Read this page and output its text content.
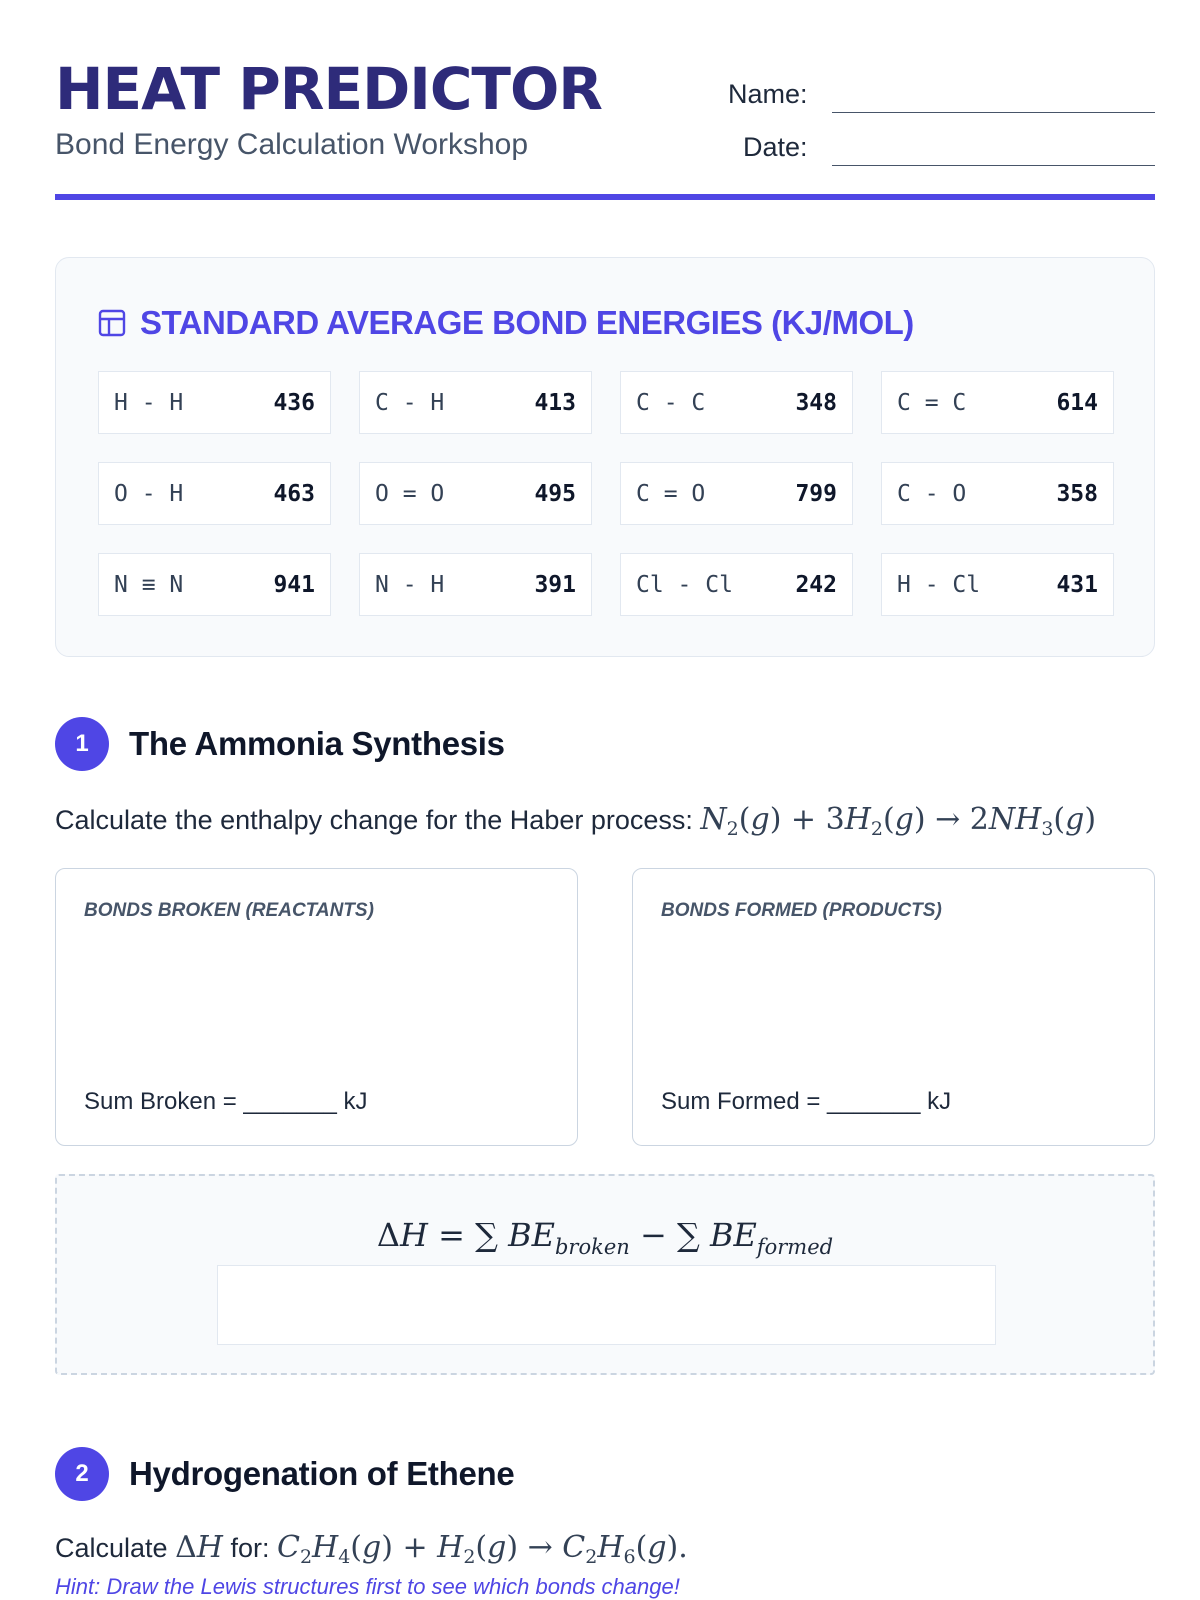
HEAT PREDICTOR
Bond Energy Calculation Workshop
Name:
Date:
STANDARD AVERAGE BOND ENERGIES (KJ/MOL)
H - H	436	C - H	413	C - C	348	C = C	614
O - H	463	O = O	495	C = O	799	C - O	358
N ≡ N	941	N - H	391	Cl - Cl	242	H - Cl	431
1	The Ammonia Synthesis
Calculate the enthalpy change for the Haber process: $N_2(g) + 3H_2(g) \to 2NH_3(g)$
BONDS BROKEN (REACTANTS)
Sum Broken = _______ kJ
BONDS FORMED (PRODUCTS)
Sum Formed = _______ kJ
ΔH = ∑ $BE_{broken}$ − ∑ $BE_{formed}$
2	Hydrogenation of Ethene
Calculate ΔH for: $C_2H_4(g) + H_2(g) \to C_2H_6(g)$.
Hint: Draw the Lewis structures first to see which bonds change!
